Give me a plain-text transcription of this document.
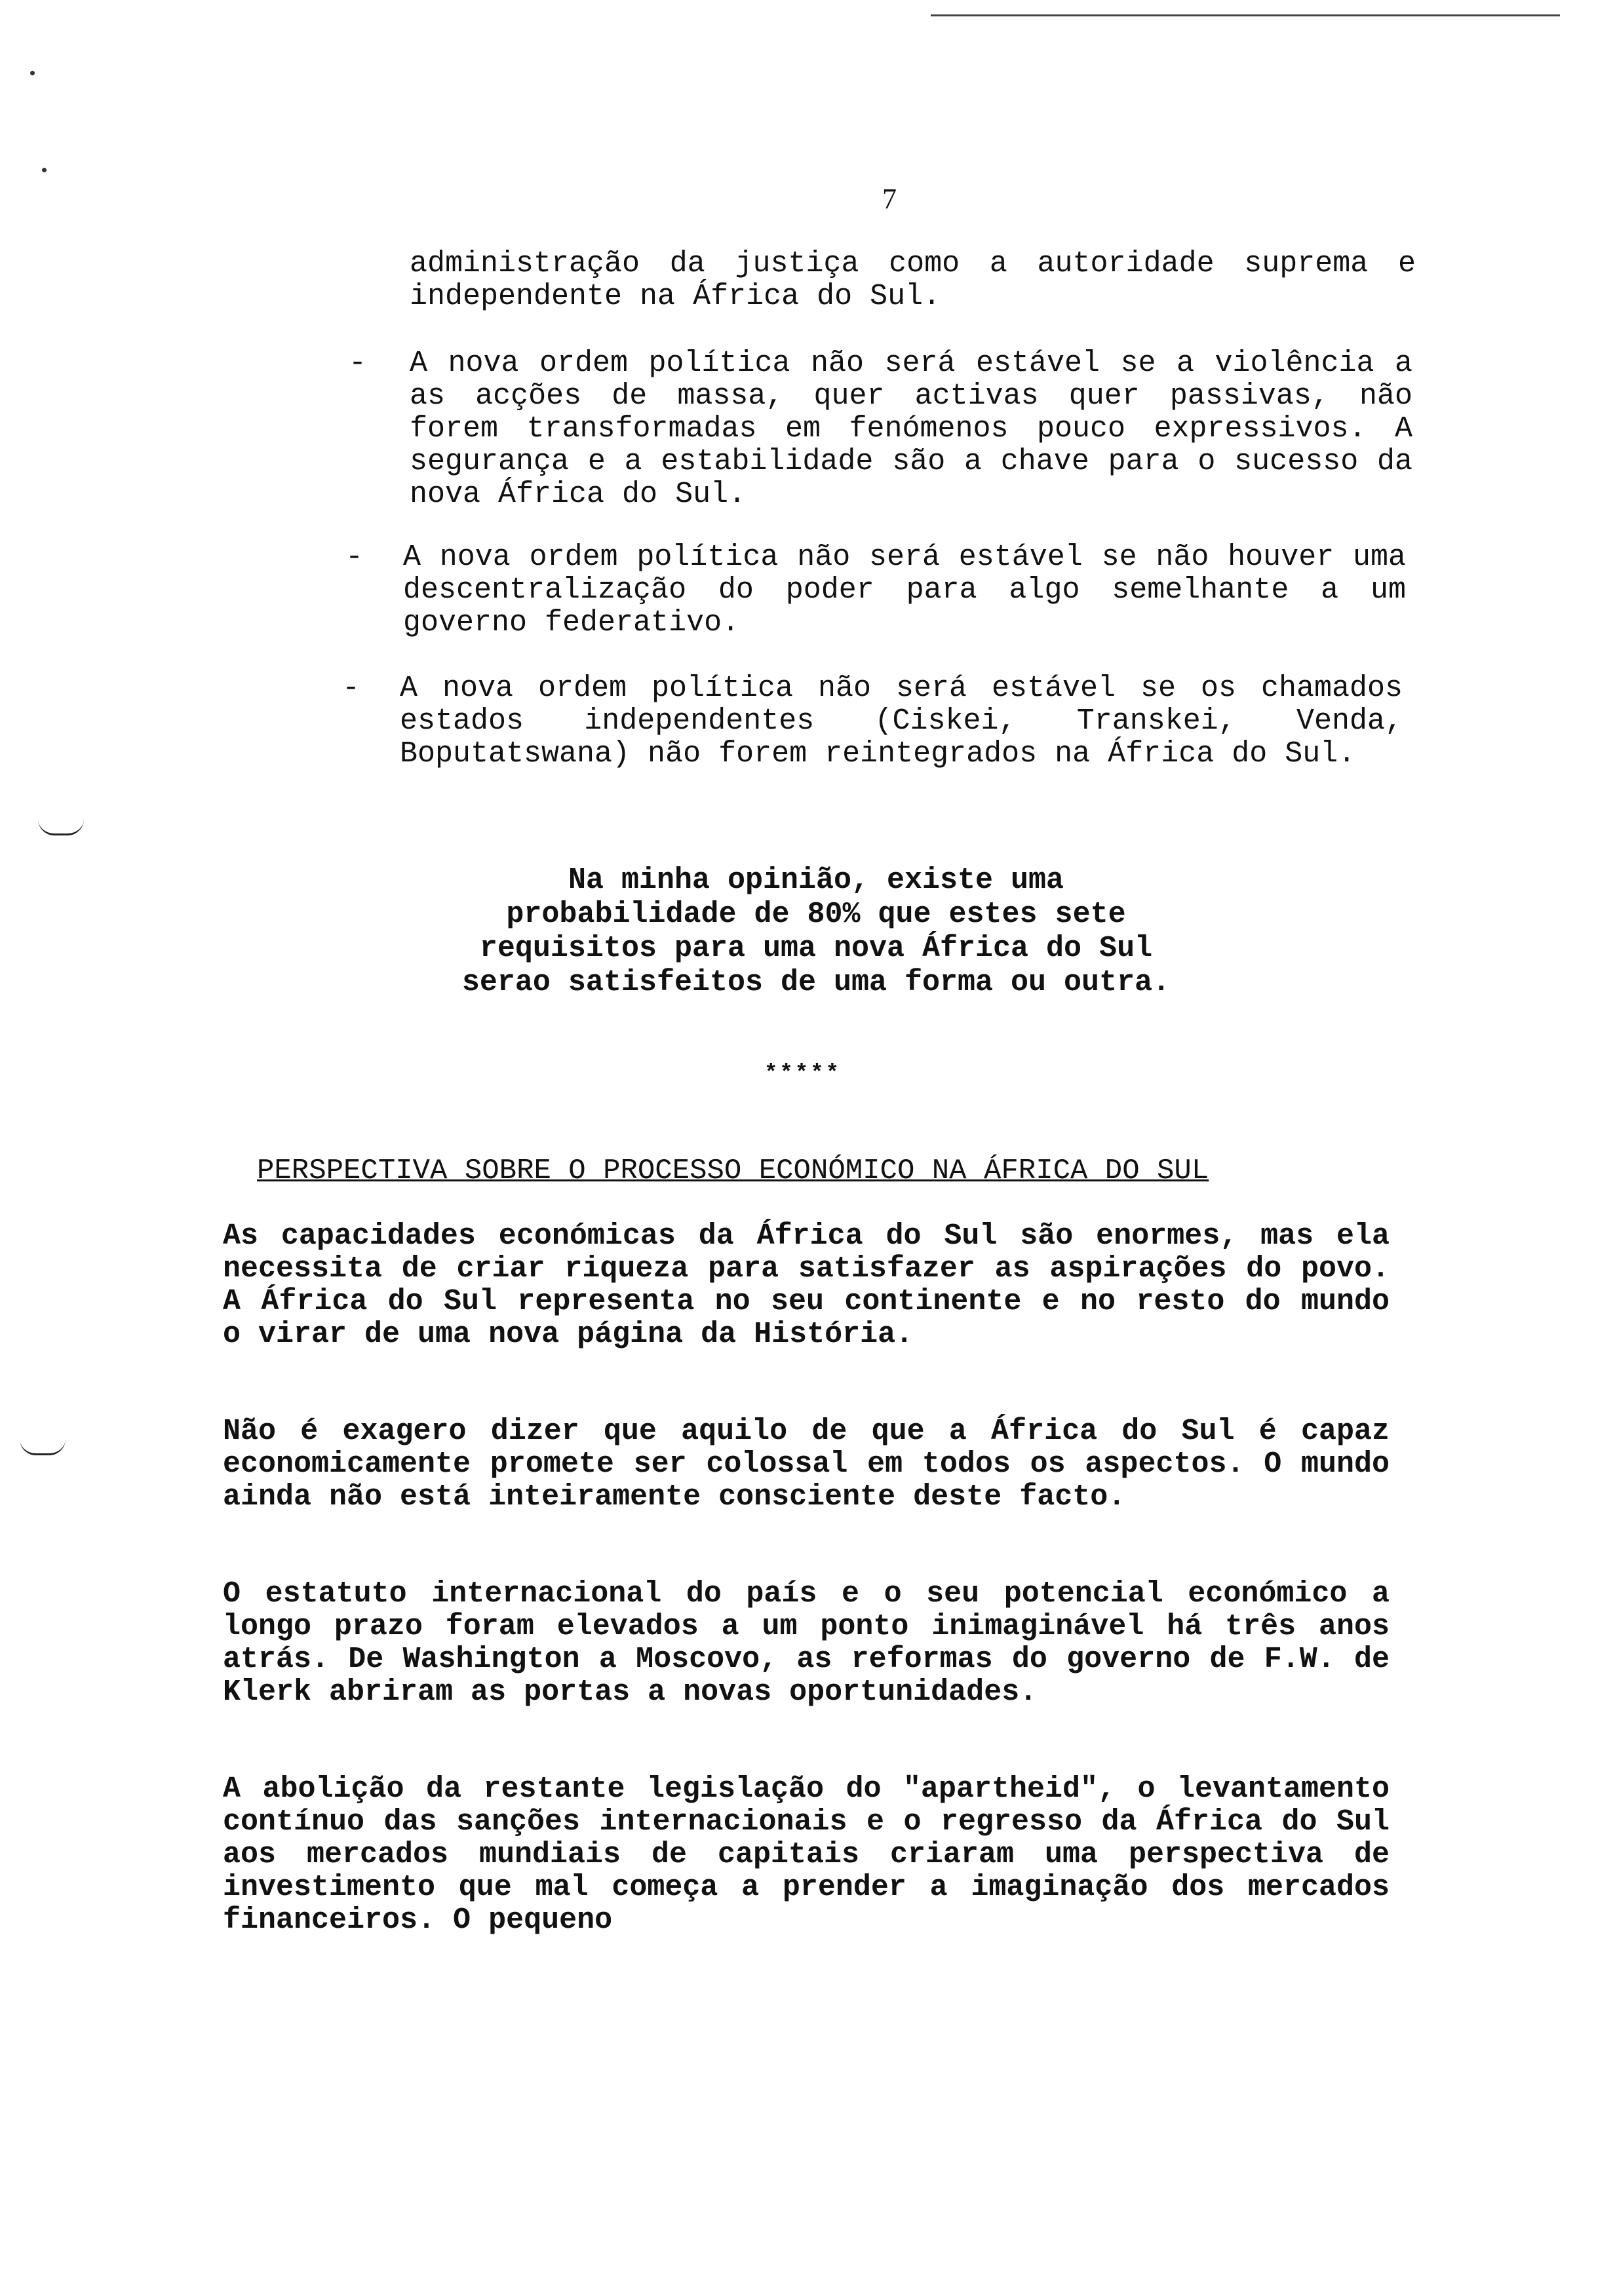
7

administração da justiça como a autoridade suprema e independente na África do Sul.

- A nova ordem política não será estável se a violência a as acções de massa, quer activas quer passivas, não forem transformadas em fenómenos pouco expressivos. A segurança e a estabilidade são a chave para o sucesso da nova África do Sul.

- A nova ordem política não será estável se não houver uma descentralização do poder para algo semelhante a um governo federativo.

- A nova ordem política não será estável se os chamados estados independentes (Ciskei, Transkei, Venda, Boputatswana) não forem reintegrados na África do Sul.

Na minha opinião, existe uma
probabilidade de 80% que estes sete
requisitos para uma nova África do Sul
serao satisfeitos de uma forma ou outra.
*****
PERSPECTIVA SOBRE O PROCESSO ECONÓMICO NA ÁFRICA DO SUL

As capacidades económicas da África do Sul são enormes, mas ela necessita de criar riqueza para satisfazer as aspirações do povo. A África do Sul representa no seu continente e no resto do mundo o virar de uma nova página da História.

Não é exagero dizer que aquilo de que a África do Sul é capaz economicamente promete ser colossal em todos os aspectos. O mundo ainda não está inteiramente consciente deste facto.

O estatuto internacional do país e o seu potencial económico a longo prazo foram elevados a um ponto inimaginável há três anos atrás. De Washington a Moscovo, as reformas do governo de F.W. de Klerk abriram as portas a novas oportunidades.

A abolição da restante legislação do "apartheid", o levantamento contínuo das sanções internacionais e o regresso da África do Sul aos mercados mundiais de capitais criaram uma perspectiva de investimento que mal começa a prender a imaginação dos mercados financeiros. O pequeno
